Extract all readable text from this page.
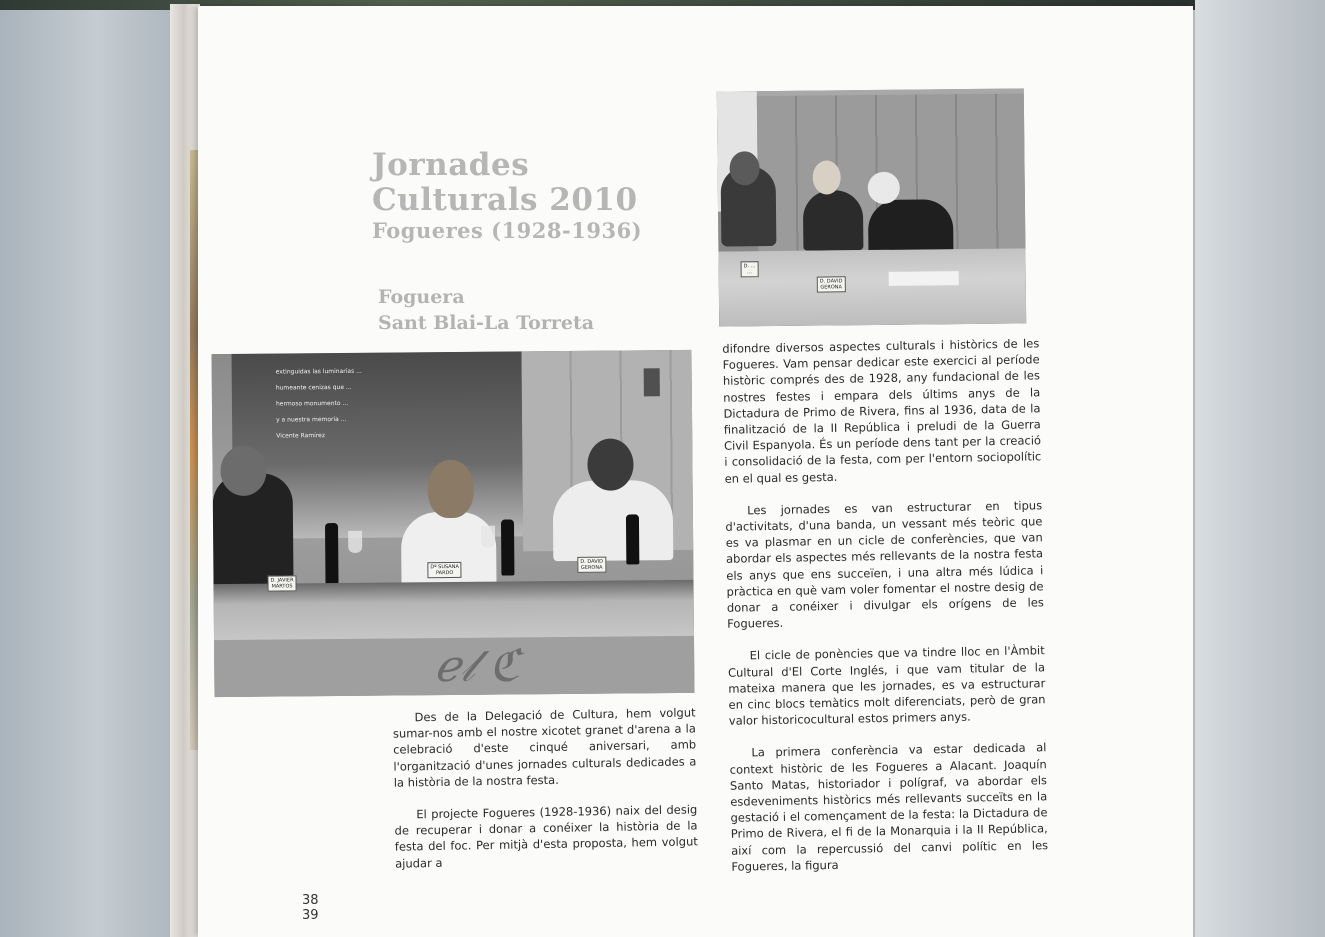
Jornades
Culturals 2010
Fogueres (1928-1936)
Foguera
Sant Blai-La Torreta
D. ...
...
D. DAVID
GERONA
extinguidas las luminarias ...
humeante cenizas que ...
hermoso monumento ...
y a nuestra memoria ...
Vicente Ramírez
ℯ𝓁 ℭ
D. JAVIER
MARTOS
Dª SUSANA
PARDO
D. DAVID
GERONA

Des de la Delegació de Cultura, hem volgut sumar-nos amb el nostre xicotet granet d'arena a la celebració d'este cinqué aniversari, amb l'organització d'unes jornades culturals dedicades a la història de la nostra festa.

El projecte Fogueres (1928-1936) naix del desig de recuperar i donar a conéixer la història de la festa del foc. Per mitjà d'esta proposta, hem volgut ajudar a

difondre diversos aspectes culturals i històrics de les Fogueres. Vam pensar dedicar este exercici al període històric comprés des de 1928, any fundacional de les nostres festes i empara dels últims anys de la Dictadura de Primo de Rivera, fins al 1936, data de la finalització de la II República i preludi de la Guerra Civil Espanyola. És un període dens tant per la creació i consolidació de la festa, com per l'entorn sociopolític en el qual es gesta.

Les jornades es van estructurar en tipus d'activitats, d'una banda, un vessant més teòric que es va plasmar en un cicle de conferències, que van abordar els aspectes més rellevants de la nostra festa els anys que ens succeïen, i una altra més lúdica i pràctica en què vam voler fomentar el nostre desig de donar a conéixer i divulgar els orígens de les Fogueres.

El cicle de ponències que va tindre lloc en l'Àmbit Cultural d'El Corte Inglés, i que vam titular de la mateixa manera que les jornades, es va estructurar en cinc blocs temàtics molt diferenciats, però de gran valor historicocultural estos primers anys.

La primera conferència va estar dedicada al context històric de les Fogueres a Alacant. Joaquín Santo Matas, historiador i polígraf, va abordar els esdeveniments històrics més rellevants succeïts en la gestació i el començament de la festa: la Dictadura de Primo de Rivera, el fi de la Monarquia i la II República, així com la repercussió del canvi polític en les Fogueres, la figura

38
39
